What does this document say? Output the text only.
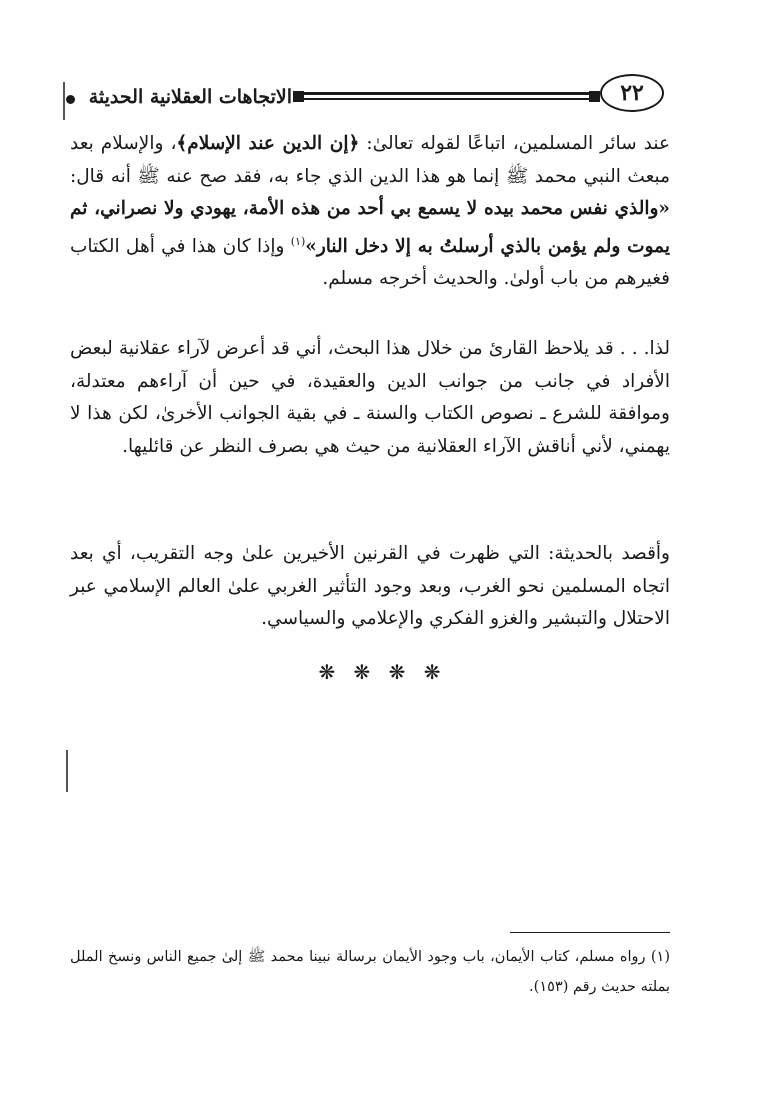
٢٢
الاتجاهات العقلانية الحديثة
عند سائر المسلمين، اتباعًا لقوله تعالىٰ: ﴿إن الدين عند الإسلام﴾، والإسلام بعد مبعث النبي محمد ﷺ إنما هو هذا الدين الذي جاء به، فقد صح عنه ﷺ أنه قال: «والذي نفس محمد بيده لا يسمع بي أحد من هذه الأمة، يهودي ولا نصراني، ثم يموت ولم يؤمن بالذي أرسلتُ به إلا دخل النار»$^{(١)}$ وإذا كان هذا في أهل الكتاب فغيرهم من باب أولىٰ. والحديث أخرجه مسلم.
لذا. . . قد يلاحظ القارئ من خلال هذا البحث، أني قد أعرض لآراء عقلانية لبعض الأفراد في جانب من جوانب الدين والعقيدة، في حين أن آراءهم معتدلة، وموافقة للشرع ـ نصوص الكتاب والسنة ـ في بقية الجوانب الأخرىٰ، لكن هذا لا يهمني، لأني أناقش الآراء العقلانية من حيث هي بصرف النظر عن قائليها.
وأقصد بالحديثة: التي ظهرت في القرنين الأخيرين علىٰ وجه التقريب، أي بعد اتجاه المسلمين نحو الغرب، وبعد وجود التأثير الغربي علىٰ العالم الإسلامي عبر الاحتلال والتبشير والغزو الفكري والإعلامي والسياسي.
❋ ❋ ❋ ❋
(١) رواه مسلم، كتاب الأيمان، باب وجود الأيمان برسالة نبينا محمد ﷺ إلىٰ جميع الناس ونسخ الملل بملته حديث رقم (١٥٣).
